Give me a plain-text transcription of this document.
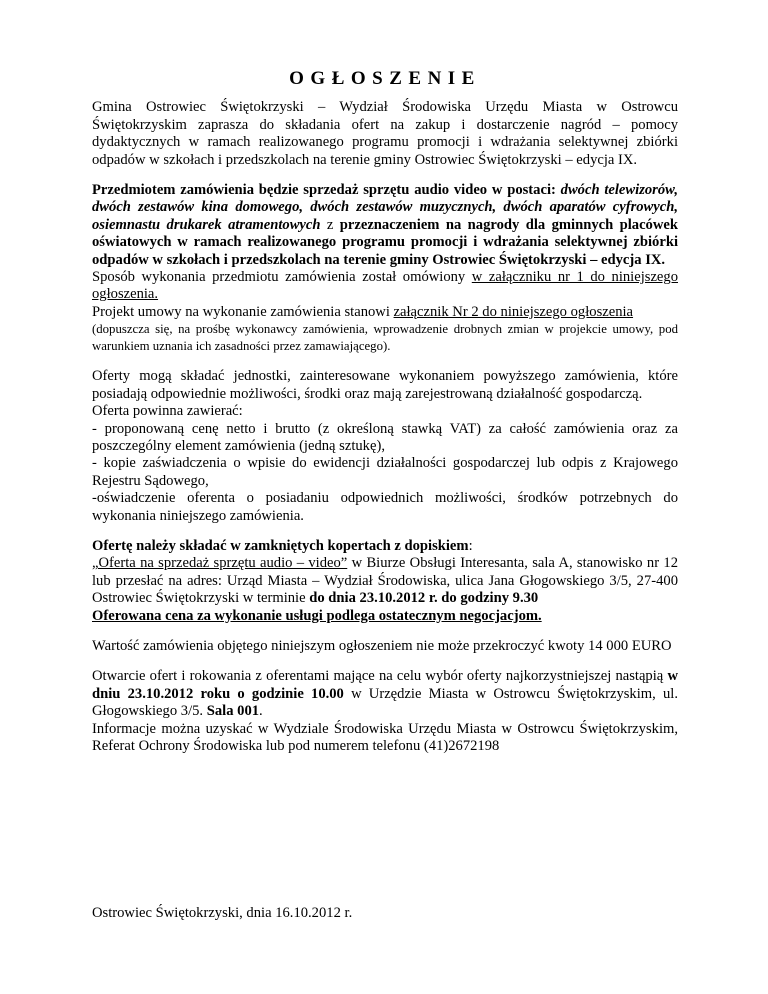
OGŁOSZENIE

Gmina Ostrowiec Świętokrzyski – Wydział Środowiska Urzędu Miasta w Ostrowcu Świętokrzyskim zaprasza do składania ofert na zakup i dostarczenie nagród – pomocy dydaktycznych w ramach realizowanego programu promocji i wdrażania selektywnej zbiórki odpadów w szkołach i przedszkolach na terenie gminy Ostrowiec Świętokrzyski – edycja IX.

Przedmiotem zamówienia będzie sprzedaż sprzętu audio video w postaci: dwóch telewizorów, dwóch zestawów kina domowego, dwóch zestawów muzycznych, dwóch aparatów cyfrowych, osiemnastu drukarek atramentowych z przeznaczeniem na nagrody dla gminnych placówek oświatowych w ramach realizowanego programu promocji i wdrażania selektywnej zbiórki odpadów w szkołach i przedszkolach na terenie gminy Ostrowiec Świętokrzyski – edycja IX.

Sposób wykonania przedmiotu zamówienia został omówiony w załączniku nr 1 do niniejszego ogłoszenia.

Projekt umowy na wykonanie zamówienia stanowi załącznik Nr 2 do niniejszego ogłoszenia

(dopuszcza się, na prośbę wykonawcy zamówienia, wprowadzenie drobnych zmian w projekcie umowy, pod warunkiem uznania ich zasadności przez zamawiającego).

Oferty mogą składać jednostki, zainteresowane wykonaniem powyższego zamówienia, które posiadają odpowiednie możliwości, środki oraz mają zarejestrowaną działalność gospodarczą.

Oferta powinna zawierać:

- proponowaną cenę netto i brutto (z określoną stawką VAT) za całość zamówienia oraz za poszczególny element zamówienia (jedną sztukę),

- kopie zaświadczenia o wpisie do ewidencji działalności gospodarczej lub odpis z Krajowego Rejestru Sądowego,

-oświadczenie oferenta o posiadaniu odpowiednich możliwości, środków potrzebnych do wykonania niniejszego zamówienia.

Ofertę należy składać w zamkniętych kopertach z dopiskiem:

„Oferta na sprzedaż sprzętu audio – video” w Biurze Obsługi Interesanta, sala A, stanowisko nr 12 lub przesłać na adres: Urząd Miasta – Wydział Środowiska, ulica Jana Głogowskiego 3/5, 27-400 Ostrowiec Świętokrzyski w terminie do dnia 23.10.2012 r. do godziny 9.30

Oferowana cena za wykonanie usługi podlega ostatecznym negocjacjom.

Wartość zamówienia objętego niniejszym ogłoszeniem nie może przekroczyć kwoty 14 000 EURO

Otwarcie ofert i rokowania z oferentami mające na celu wybór oferty najkorzystniejszej nastąpią w dniu 23.10.2012 roku o godzinie 10.00 w Urzędzie Miasta w Ostrowcu Świętokrzyskim, ul. Głogowskiego 3/5. Sala 001.

Informacje można uzyskać w Wydziale Środowiska Urzędu Miasta w Ostrowcu Świętokrzyskim, Referat Ochrony Środowiska lub pod numerem telefonu (41)2672198

Ostrowiec Świętokrzyski, dnia 16.10.2012 r.
